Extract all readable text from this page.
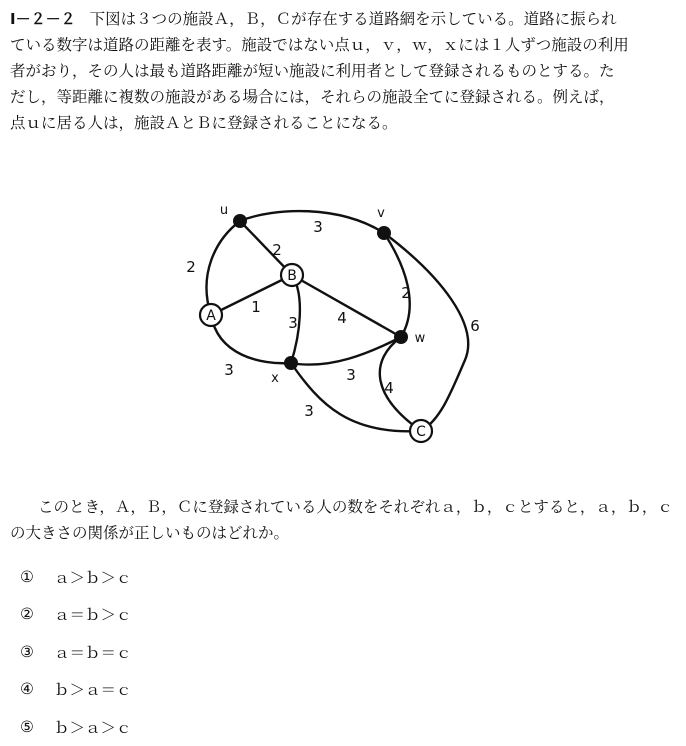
Ⅰ－２－２ 下図は３つの施設Ａ，Ｂ，Ｃが存在する道路網を示している。道路に振られ
ている数字は道路の距離を表す。施設ではない点ｕ，ｖ，ｗ，ｘには１人ずつ施設の利用
者がおり，その人は最も道路距離が短い施設に利用者として登録されるものとする。た
だし，等距離に複数の施設がある場合には，それらの施設全てに登録される。例えば，
点ｕに居る人は，施設ＡとＢに登録されることになる。
A
B
C
u	v
w
x
3
2
2
1
3	4
2
6
3	3
4
3
このとき，Ａ，Ｂ，Ｃに登録されている人の数をそれぞれａ，ｂ，ｃとすると，ａ，ｂ，ｃ
の大きさの関係が正しいものはどれか。
①	ａ＞ｂ＞ｃ
②	ａ＝ｂ＞ｃ
③	ａ＝ｂ＝ｃ
④	ｂ＞ａ＝ｃ
⑤	ｂ＞ａ＞ｃ
